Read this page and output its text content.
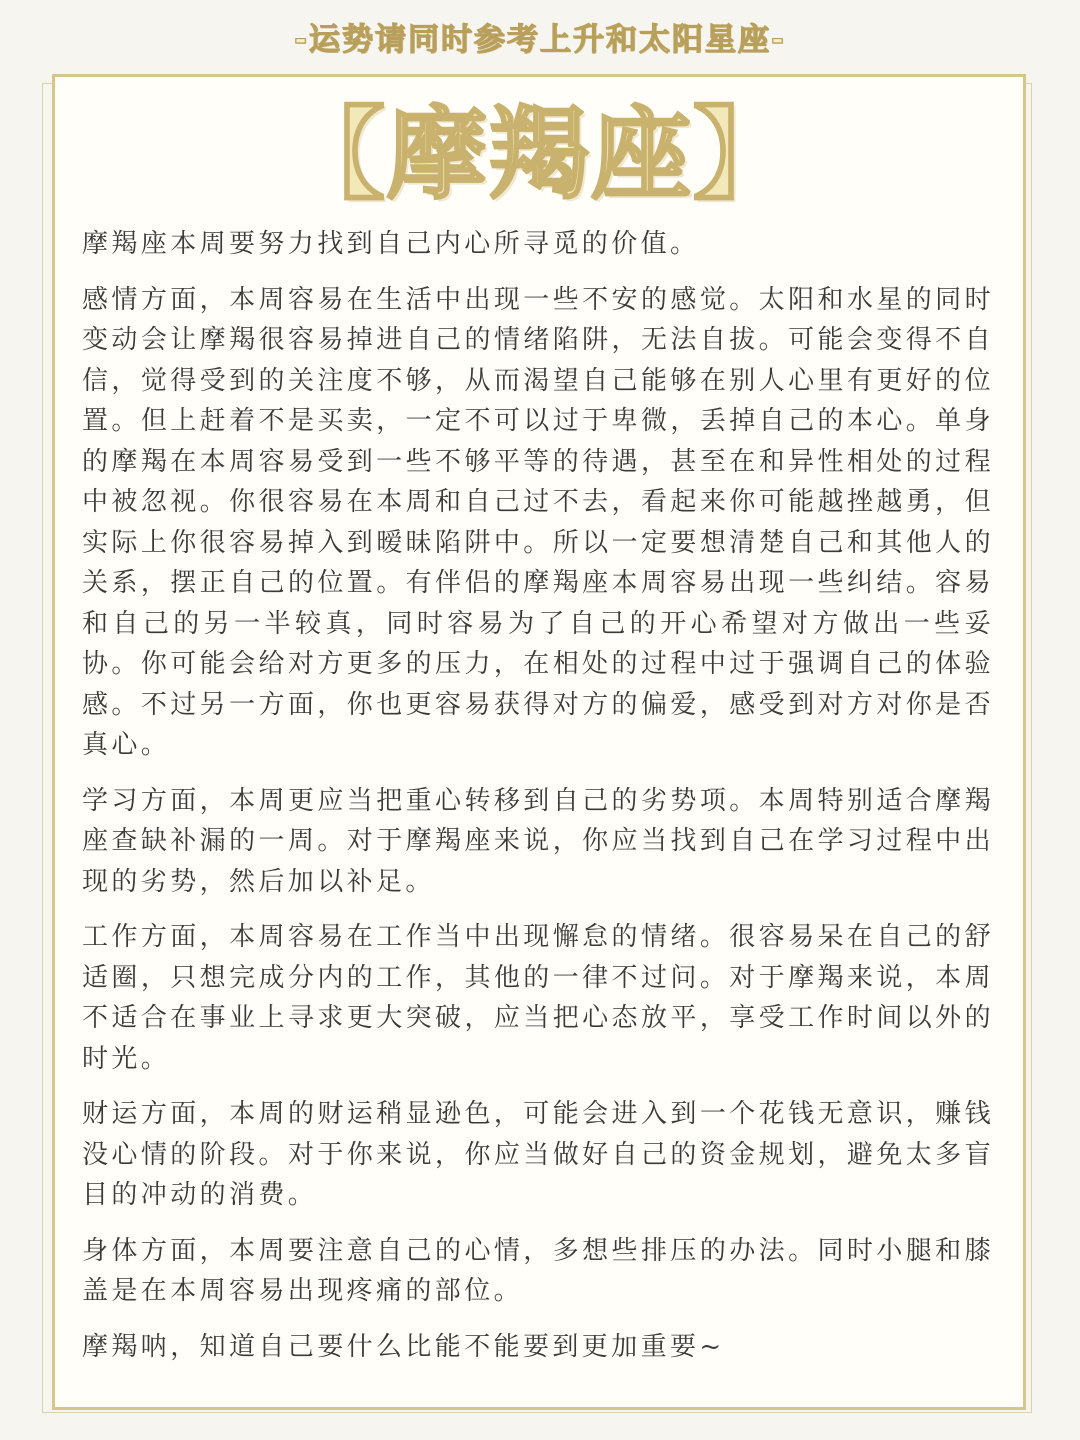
-运势请同时参考上升和太阳星座-
【摩羯座】

摩羯座本周要努力找到自己内心所寻觅的价值。

感情方面，本周容易在生活中出现一些不安的感觉。太阳和水星的同时变动会让摩羯很容易掉进自己的情绪陷阱，无法自拔。可能会变得不自信，觉得受到的关注度不够，从而渴望自己能够在别人心里有更好的位置。但上赶着不是买卖，一定不可以过于卑微，丢掉自己的本心。单身的摩羯在本周容易受到一些不够平等的待遇，甚至在和异性相处的过程中被忽视。你很容易在本周和自己过不去，看起来你可能越挫越勇，但实际上你很容易掉入到暧昧陷阱中。所以一定要想清楚自己和其他人的关系，摆正自己的位置。有伴侣的摩羯座本周容易出现一些纠结。容易和自己的另一半较真，同时容易为了自己的开心希望对方做出一些妥协。你可能会给对方更多的压力，在相处的过程中过于强调自己的体验感。不过另一方面，你也更容易获得对方的偏爱，感受到对方对你是否真心。

学习方面，本周更应当把重心转移到自己的劣势项。本周特别适合摩羯座查缺补漏的一周。对于摩羯座来说，你应当找到自己在学习过程中出现的劣势，然后加以补足。

工作方面，本周容易在工作当中出现懈怠的情绪。很容易呆在自己的舒适圈，只想完成分内的工作，其他的一律不过问。对于摩羯来说，本周不适合在事业上寻求更大突破，应当把心态放平，享受工作时间以外的时光。

财运方面，本周的财运稍显逊色，可能会进入到一个花钱无意识，赚钱没心情的阶段。对于你来说，你应当做好自己的资金规划，避免太多盲目的冲动的消费。

身体方面，本周要注意自己的心情，多想些排压的办法。同时小腿和膝盖是在本周容易出现疼痛的部位。

摩羯呐，知道自己要什么比能不能要到更加重要~
